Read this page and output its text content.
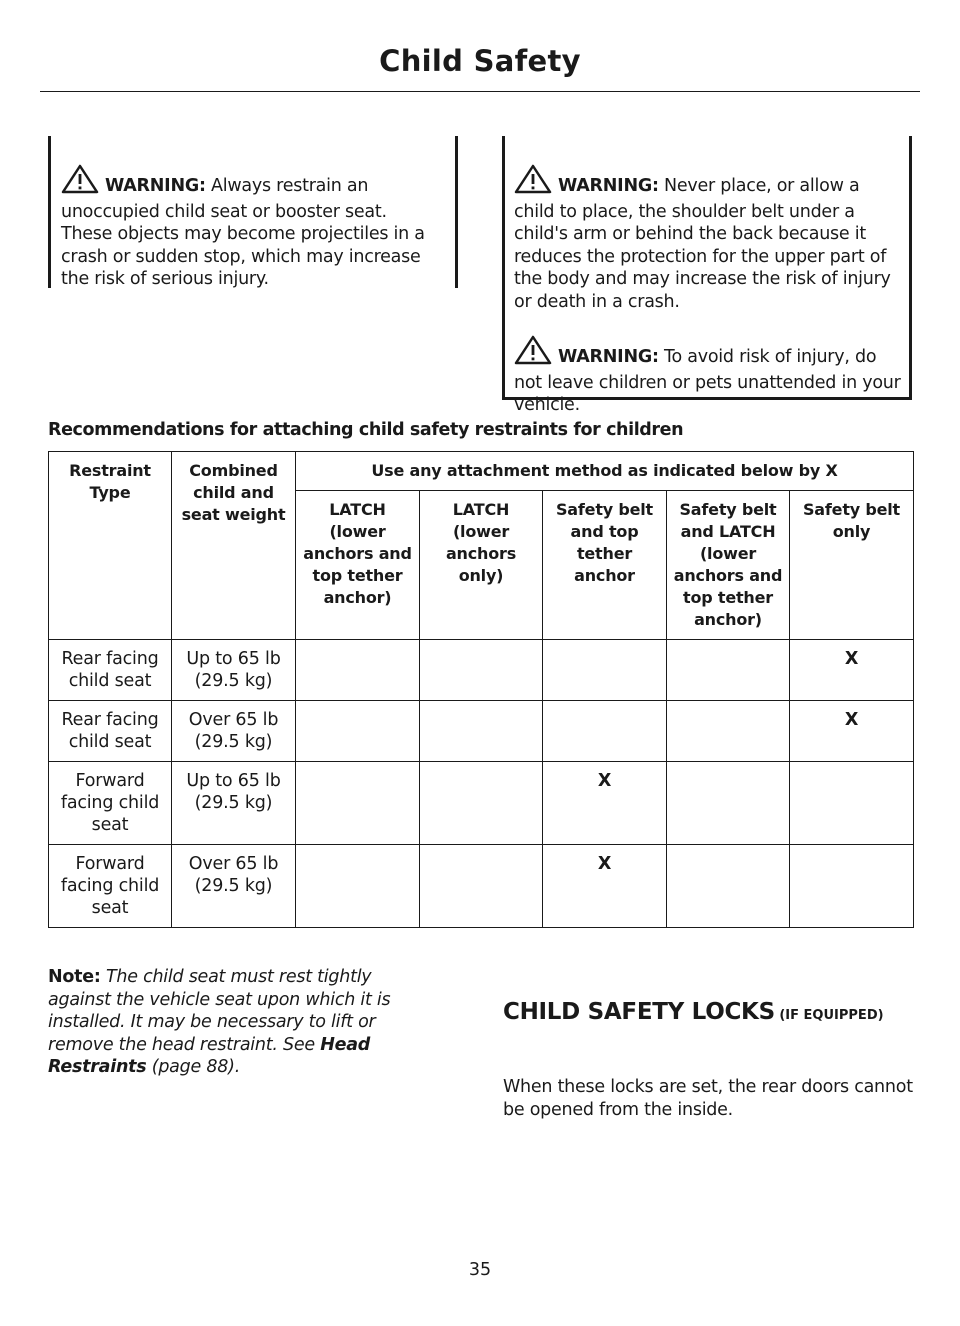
Child Safety

WARNING: Always restrain an unoccupied child seat or booster seat. These objects may become projectiles in a crash or sudden stop, which may increase the risk of serious injury.

WARNING: Never place, or allow a child to place, the shoulder belt under a child's arm or behind the back because it reduces the protection for the upper part of the body and may increase the risk of injury or death in a crash.

WARNING: To avoid risk of injury, do not leave children or pets unattended in your vehicle.

Recommendations for attaching child safety restraints for children
Restraint Type	Combined child and seat weight	Use any attachment method as indicated below by X				
		LATCH (lower anchors and top tether anchor)	LATCH (lower anchors only)	Safety belt and top tether anchor	Safety belt and LATCH (lower anchors and top tether anchor)	Safety belt only
Rear facing child seat	Up to 65 lb (29.5 kg)					X
Rear facing child seat	Over 65 lb (29.5 kg)					X
Forward facing child seat	Up to 65 lb (29.5 kg)			X		
Forward facing child seat	Over 65 lb (29.5 kg)			X		

Note: The child seat must rest tightly against the vehicle seat upon which it is installed. It may be necessary to lift or remove the head restraint. See Head Restraints (page 88).

CHILD SAFETY LOCKS (IF EQUIPPED)

When these locks are set, the rear doors cannot be opened from the inside.

35
